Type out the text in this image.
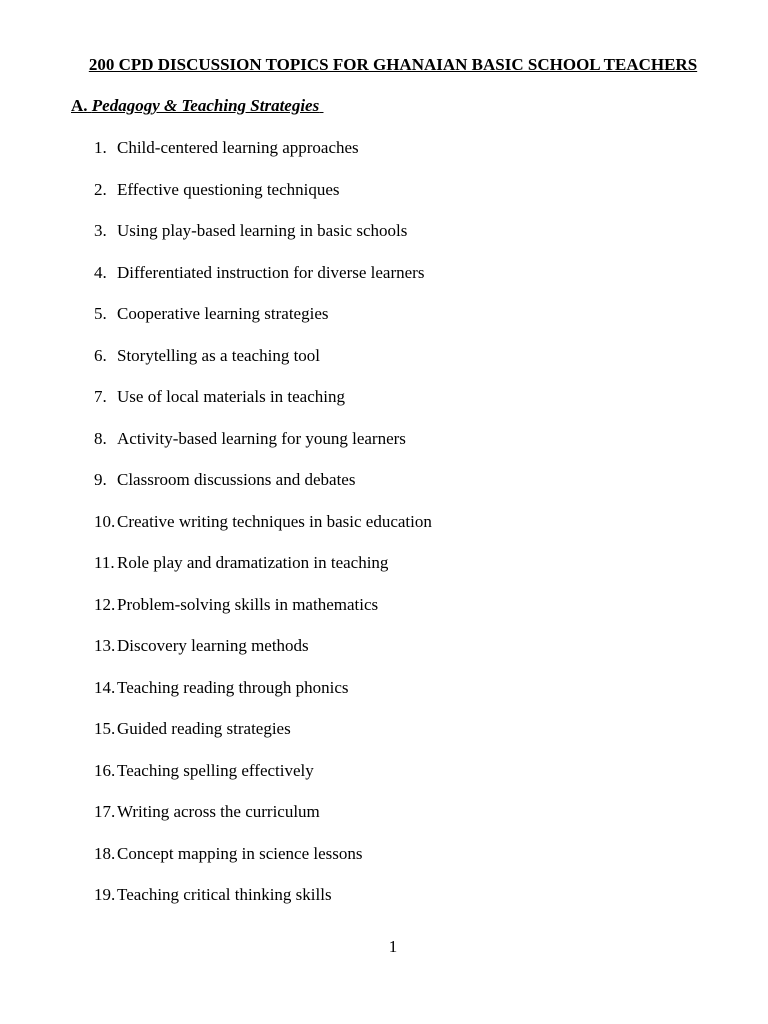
200 CPD DISCUSSION TOPICS FOR GHANAIAN BASIC SCHOOL TEACHERS
A. Pedagogy & Teaching Strategies
1. Child-centered learning approaches
2. Effective questioning techniques
3. Using play-based learning in basic schools
4. Differentiated instruction for diverse learners
5. Cooperative learning strategies
6. Storytelling as a teaching tool
7. Use of local materials in teaching
8. Activity-based learning for young learners
9. Classroom discussions and debates
10. Creative writing techniques in basic education
11. Role play and dramatization in teaching
12. Problem-solving skills in mathematics
13. Discovery learning methods
14. Teaching reading through phonics
15. Guided reading strategies
16. Teaching spelling effectively
17. Writing across the curriculum
18. Concept mapping in science lessons
19. Teaching critical thinking skills
1
